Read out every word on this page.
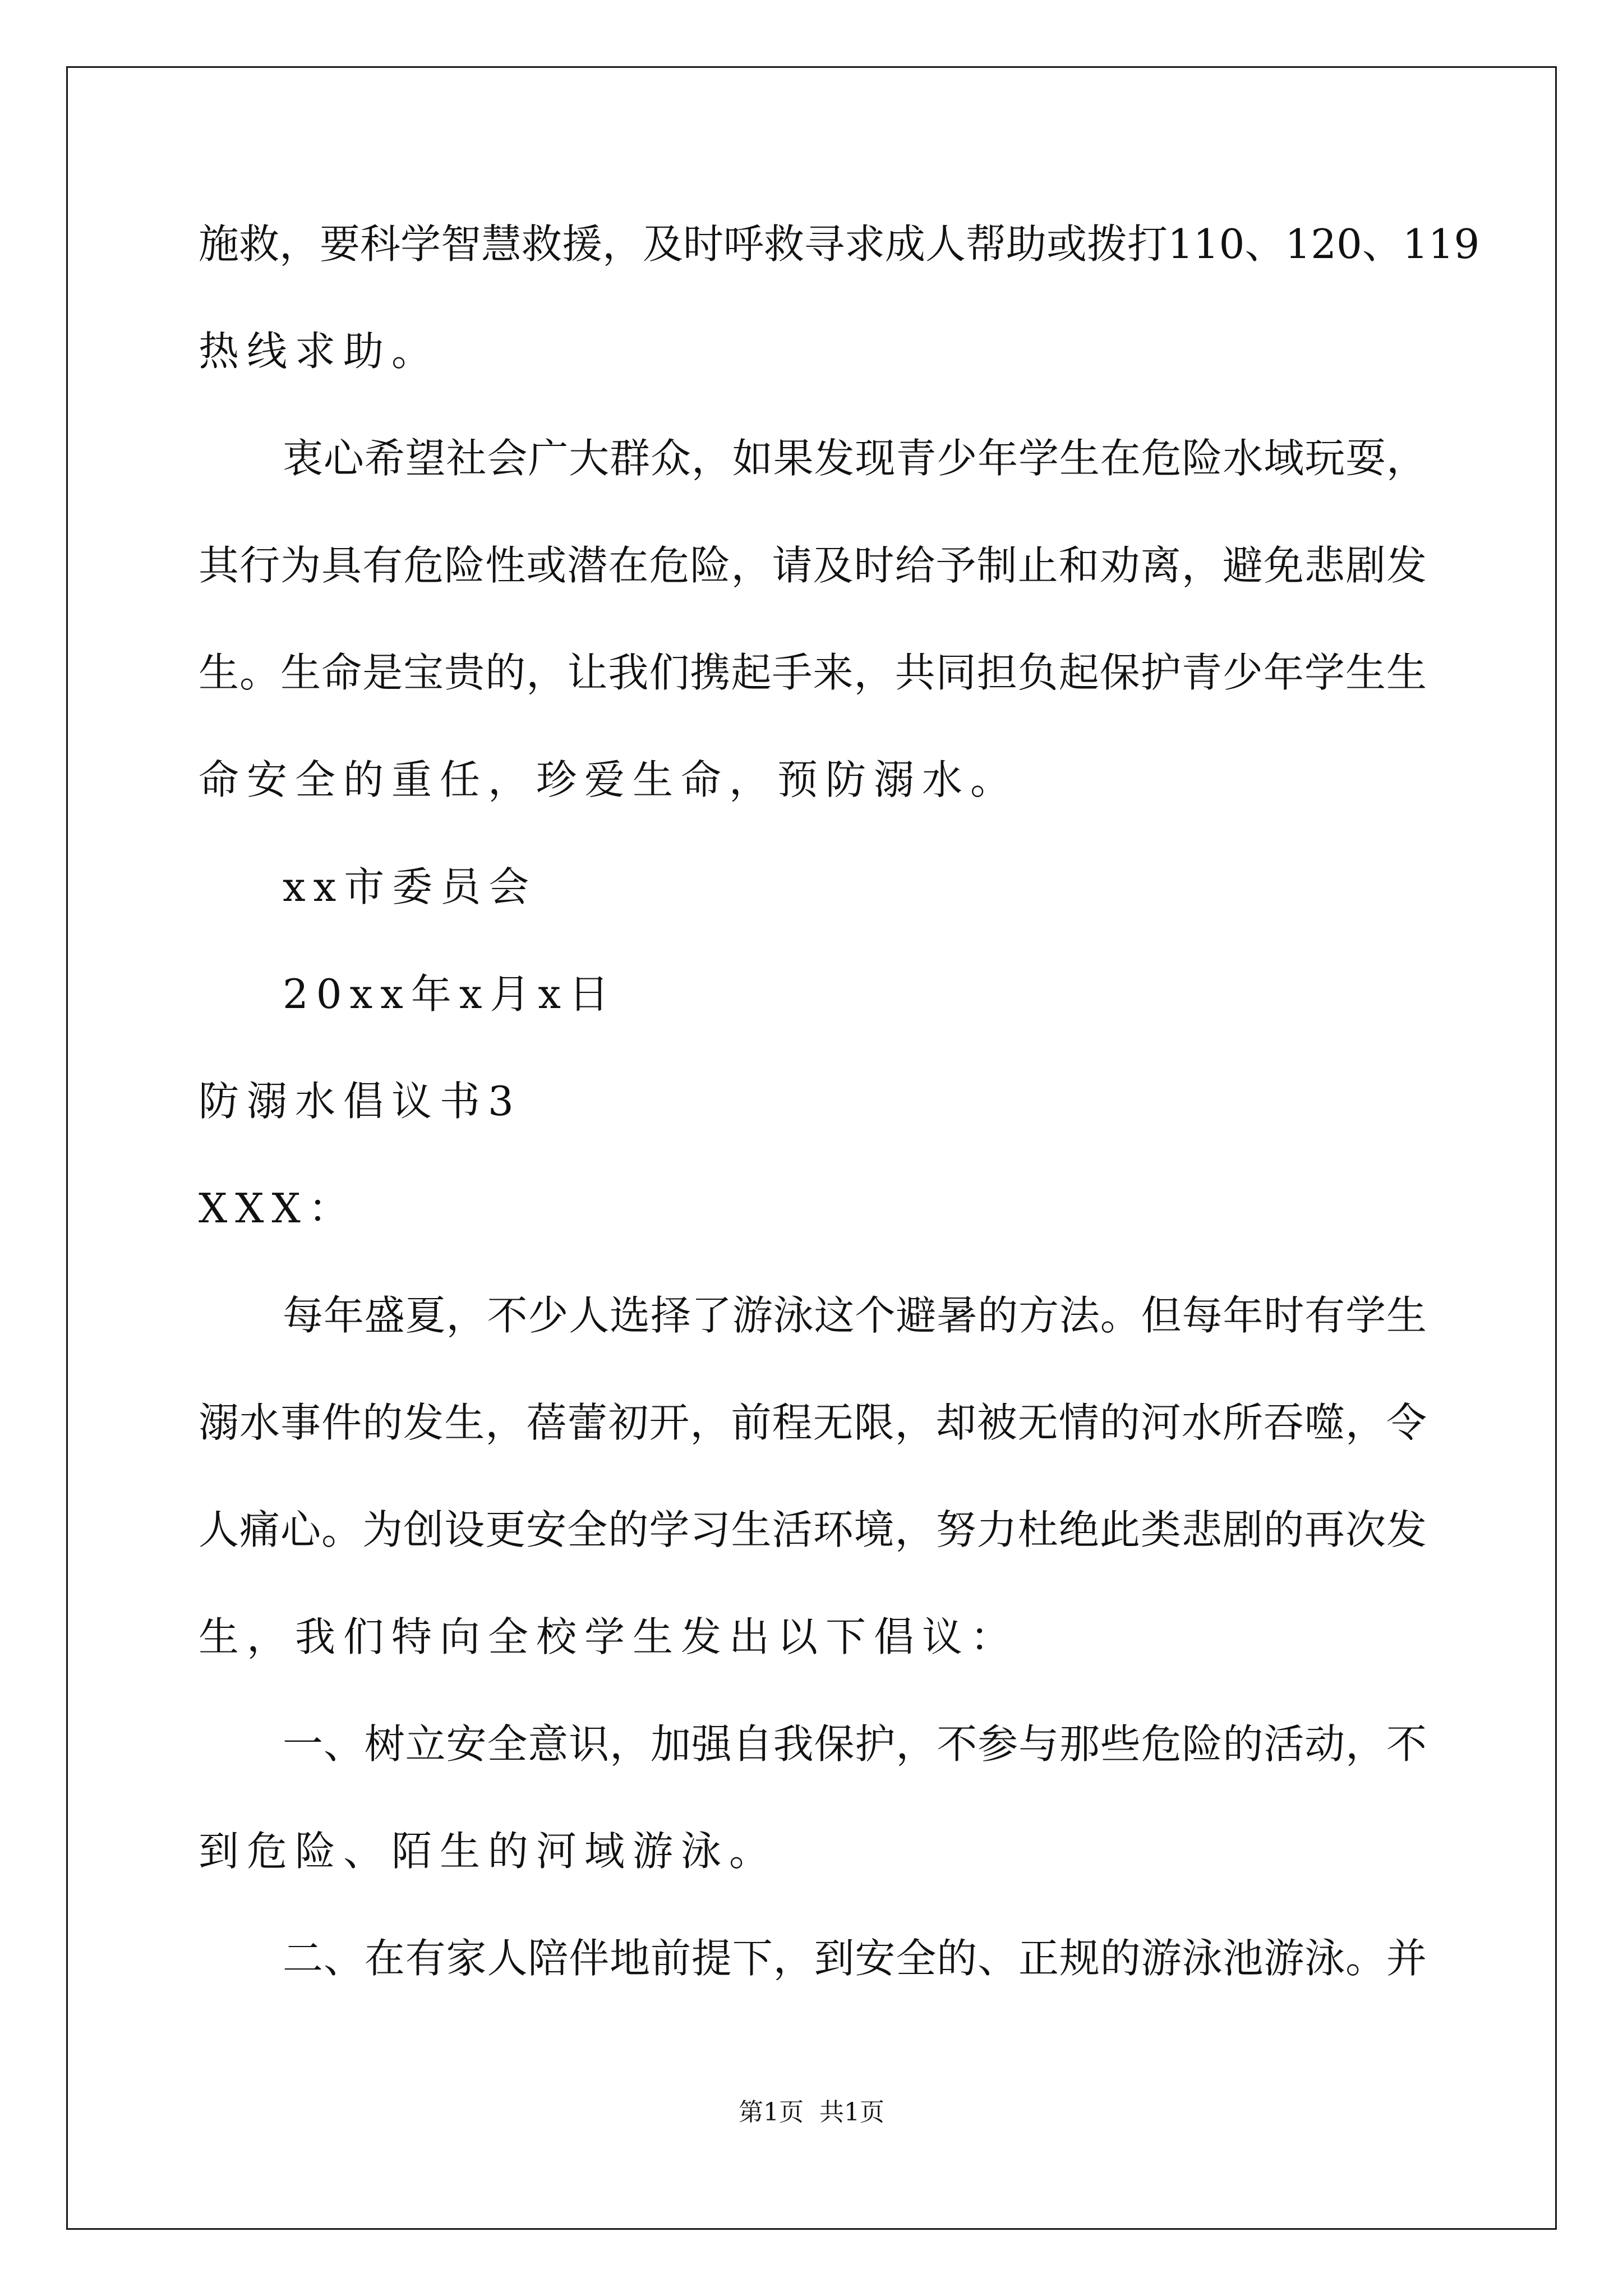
施救，要科学智慧救援，及时呼救寻求成人帮助或拨打110、120、119
热线求助。
衷心希望社会广大群众，如果发现青少年学生在危险水域玩耍，
其行为具有危险性或潜在危险，请及时给予制止和劝离，避免悲剧发
生。生命是宝贵的，让我们携起手来，共同担负起保护青少年学生生
命安全的重任，珍爱生命，预防溺水。
xx市委员会
20xx年x月x日
防溺水倡议书3
XXX：
每年盛夏，不少人选择了游泳这个避暑的方法。但每年时有学生
溺水事件的发生，蓓蕾初开，前程无限，却被无情的河水所吞噬，令
人痛心。为创设更安全的学习生活环境，努力杜绝此类悲剧的再次发
生，我们特向全校学生发出以下倡议：
一、树立安全意识，加强自我保护，不参与那些危险的活动，不
到危险、陌生的河域游泳。
二、在有家人陪伴地前提下，到安全的、正规的游泳池游泳。并
第1页  共1页
